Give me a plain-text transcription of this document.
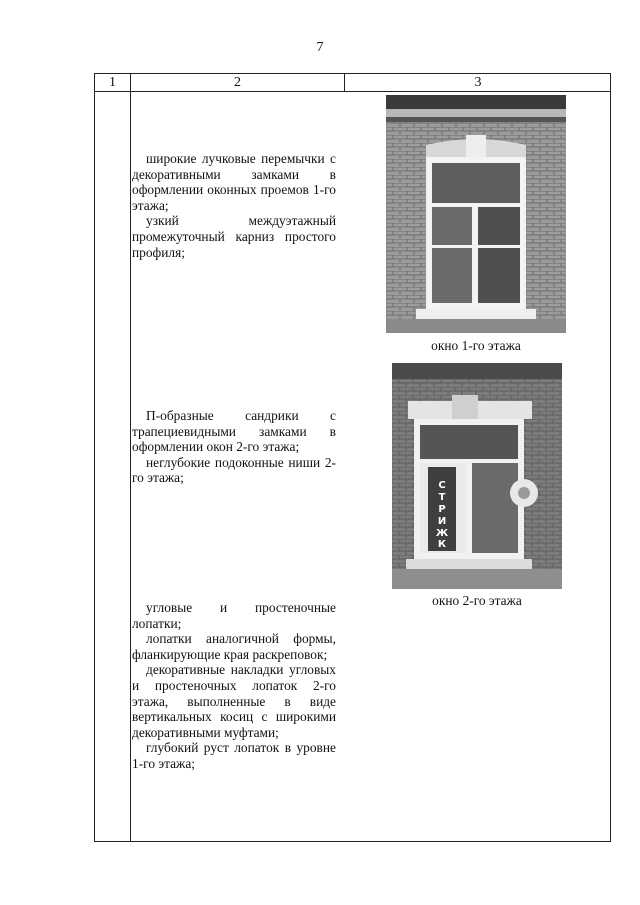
7
1	2	3

широкие лучковые перемычки с декоративными замками в оформлении оконных проемов 1-го этажа;

узкий междуэтажный промежуточный карниз простого профиля;

П-образные сандрики с трапециевидными замками в оформлении окон 2-го этажа;

неглубокие подоконные ниши 2-го этажа;

угловые и простеночные лопатки;

лопатки аналогичной формы, фланкирующие края раскреповок;

декоративные накладки угловых и простеночных лопаток 2-го этажа, выполненные в виде вертикальных косиц с широкими декоративными муфтами;

глубокий руст лопаток в уровне 1-го этажа;

окно 1-го этажа
С
Т
Р
И
Ж
К
окно 2-го этажа
